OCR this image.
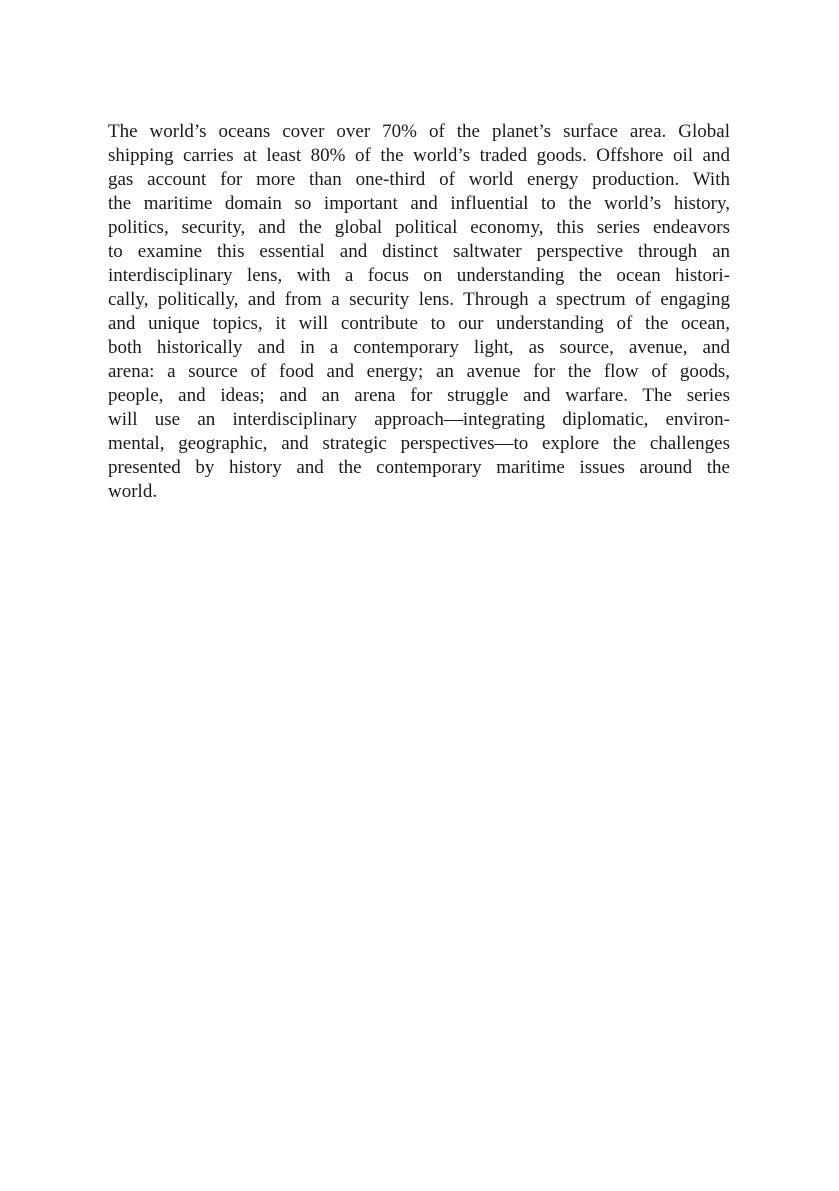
The world’s oceans cover over 70% of the planet’s surface area. Global
shipping carries at least 80% of the world’s traded goods. Offshore oil and
gas account for more than one-third of world energy production. With
the maritime domain so important and influential to the world’s history,
politics, security, and the global political economy, this series endeavors
to examine this essential and distinct saltwater perspective through an
interdisciplinary lens, with a focus on understanding the ocean histori-
cally, politically, and from a security lens. Through a spectrum of engaging
and unique topics, it will contribute to our understanding of the ocean,
both historically and in a contemporary light, as source, avenue, and
arena: a source of food and energy; an avenue for the flow of goods,
people, and ideas; and an arena for struggle and warfare. The series
will use an interdisciplinary approach—integrating diplomatic, environ-
mental, geographic, and strategic perspectives—to explore the challenges
presented by history and the contemporary maritime issues around the
world.
